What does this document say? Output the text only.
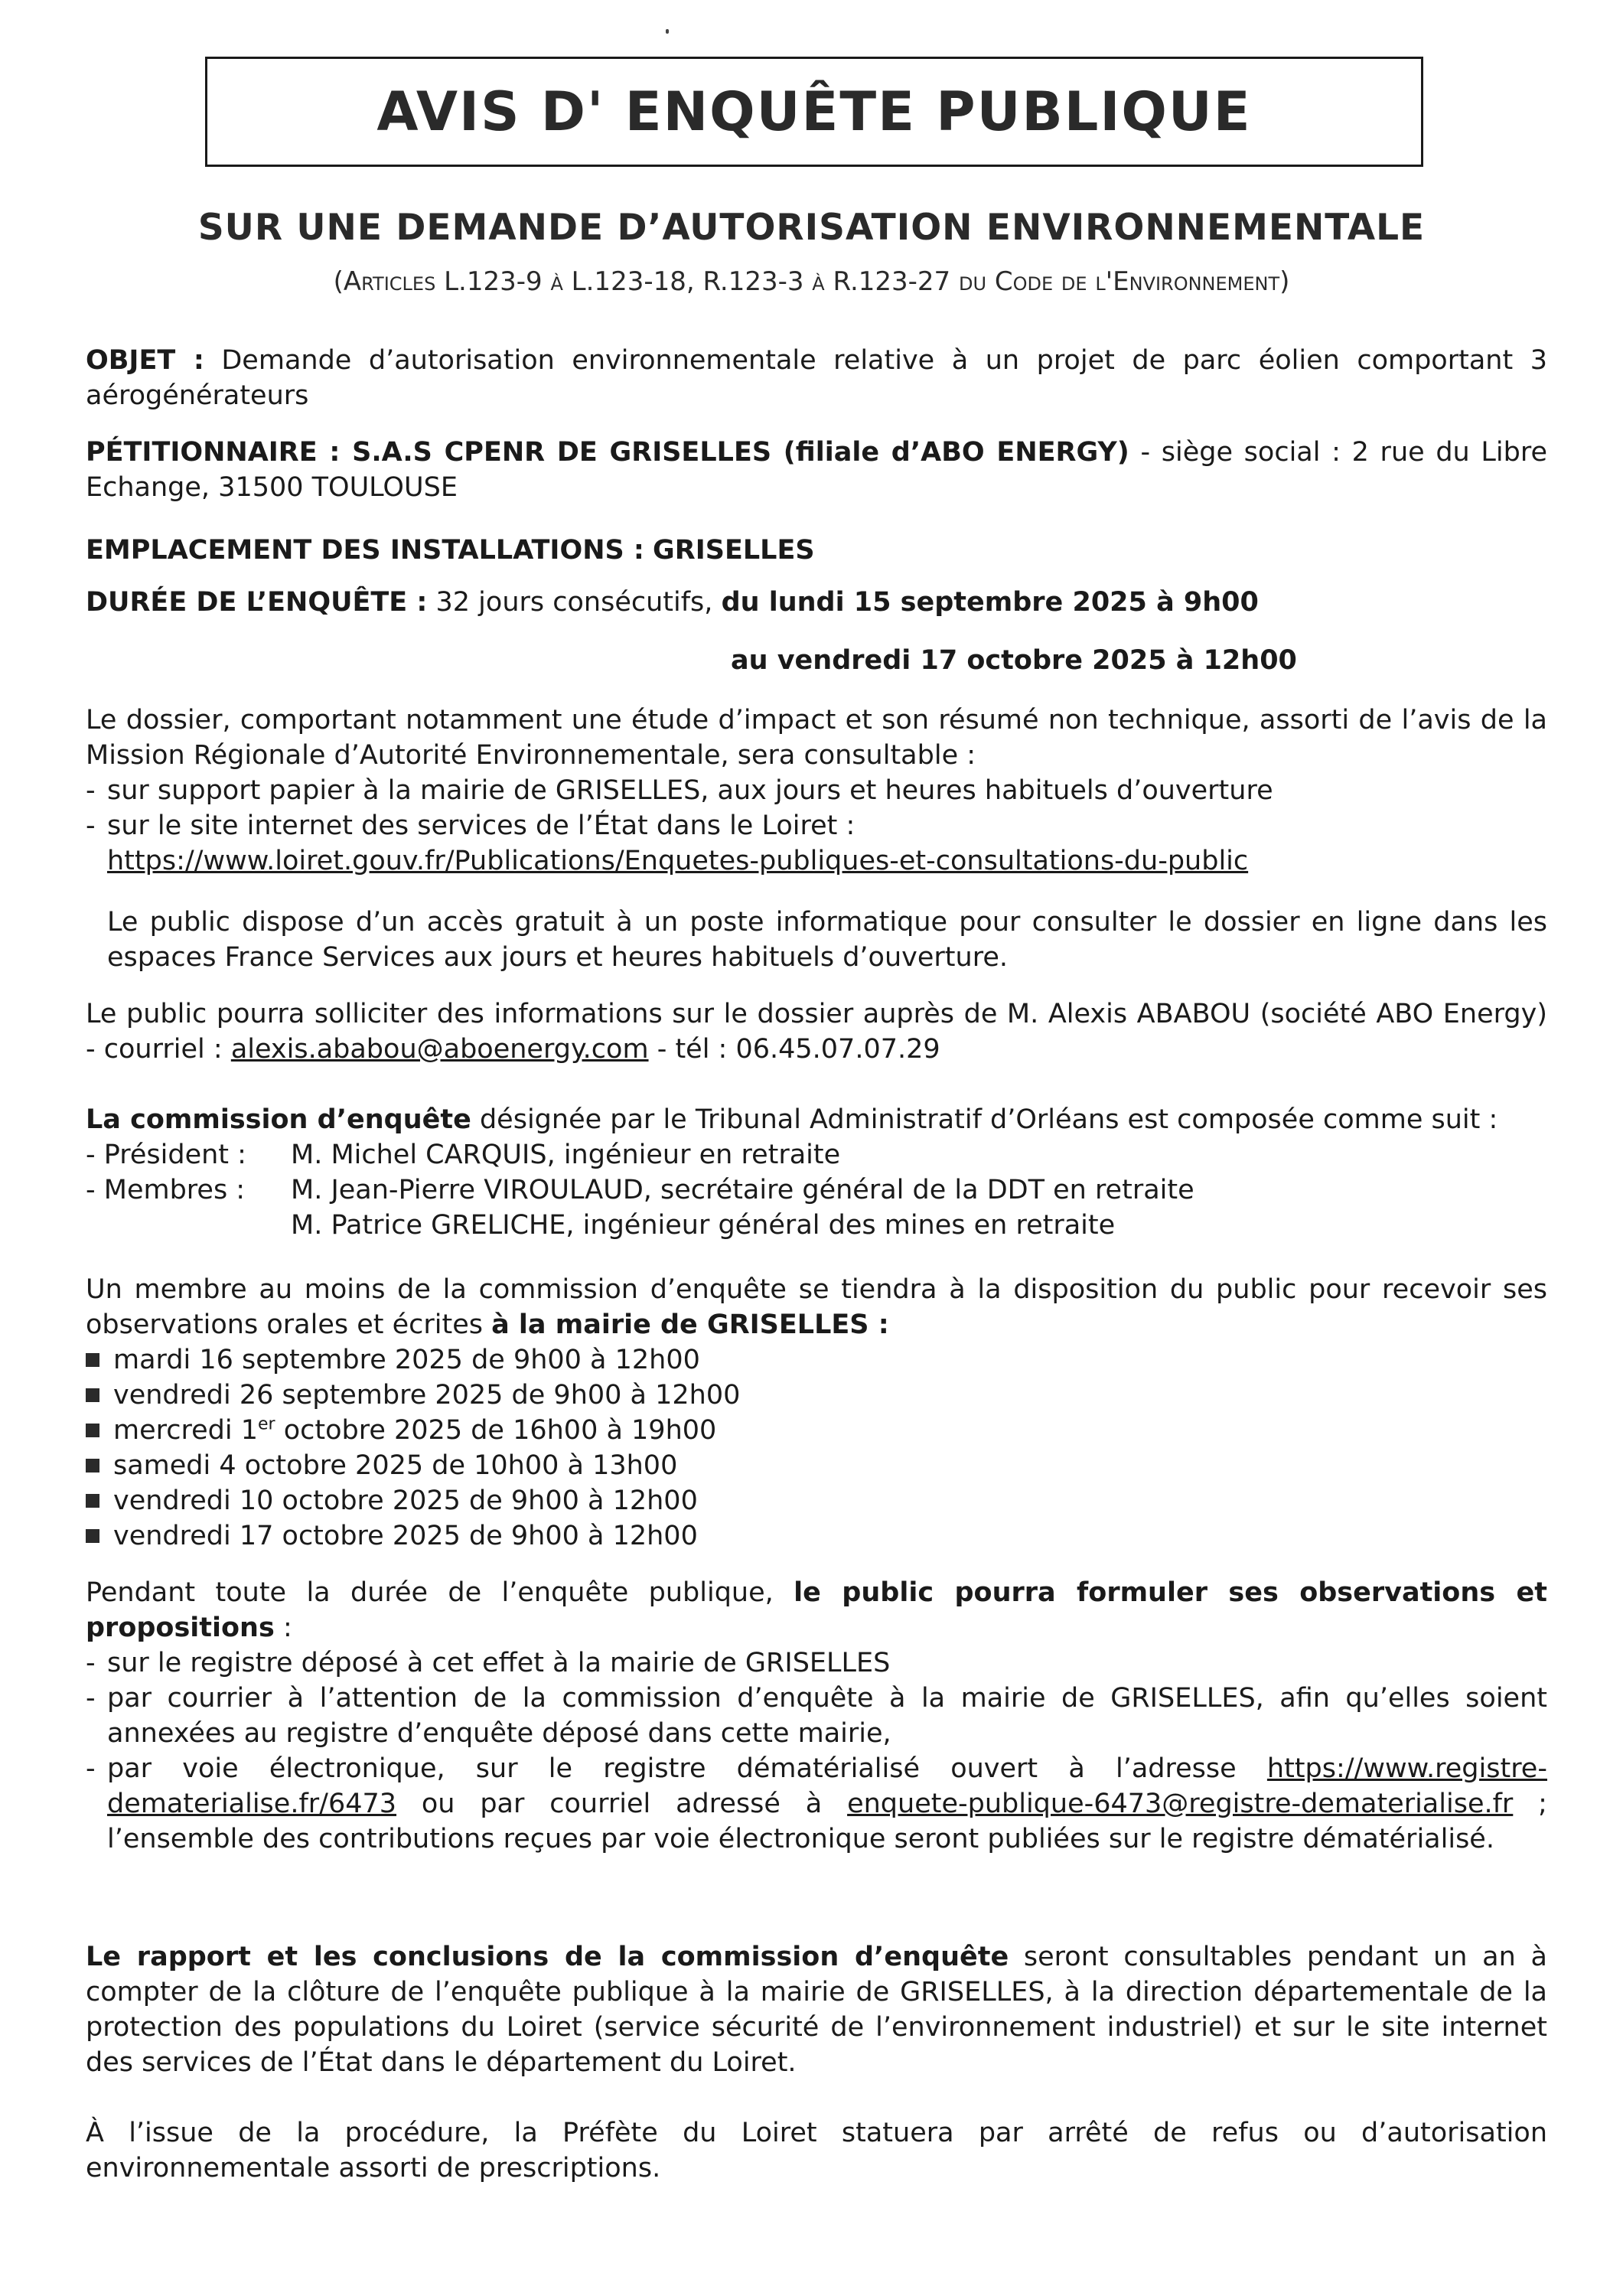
AVIS D' ENQUÊTE PUBLIQUE
SUR UNE DEMANDE D’AUTORISATION ENVIRONNEMENTALE
(Articles L.123-9 à L.123-18, R.123-3 à R.123-27 du Code de l'Environnement)
OBJET : Demande d’autorisation environnementale relative à un projet de parc éolien comportant 3 aérogénérateurs
PÉTITIONNAIRE : S.A.S CPENR DE GRISELLES (filiale d’ABO ENERGY) - siège social : 2 rue du Libre Echange, 31500 TOULOUSE
EMPLACEMENT DES INSTALLATIONS : GRISELLES
DURÉE DE L’ENQUÊTE : 32 jours consécutifs, du lundi 15 septembre 2025 à 9h00
au vendredi 17 octobre 2025 à 12h00
Le dossier, comportant notamment une étude d’impact et son résumé non technique, assorti de l’avis de la Mission Régionale d’Autorité Environnementale, sera consultable :
- sur support papier à la mairie de GRISELLES, aux jours et heures habituels d’ouverture
- sur le site internet des services de l’État dans le Loiret :
https://www.loiret.gouv.fr/Publications/Enquetes-publiques-et-consultations-du-public
Le public dispose d’un accès gratuit à un poste informatique pour consulter le dossier en ligne dans les espaces France Services aux jours et heures habituels d’ouverture.
Le public pourra solliciter des informations sur le dossier auprès de M. Alexis ABABOU (société ABO Energy) - courriel : alexis.ababou@aboenergy.com - tél : 06.45.07.07.29
La commission d’enquête désignée par le Tribunal Administratif d’Orléans est composée comme suit :
- Président :	M. Michel CARQUIS, ingénieur en retraite
- Membres :	M. Jean-Pierre VIROULAUD, secrétaire général de la DDT en retraite
M. Patrice GRELICHE, ingénieur général des mines en retraite
Un membre au moins de la commission d’enquête se tiendra à la disposition du public pour recevoir ses observations orales et écrites à la mairie de GRISELLES :
mardi 16 septembre 2025 de 9h00 à 12h00
vendredi 26 septembre 2025 de 9h00 à 12h00
mercredi 1er octobre 2025 de 16h00 à 19h00
samedi 4 octobre 2025 de 10h00 à 13h00
vendredi 10 octobre 2025 de 9h00 à 12h00
vendredi 17 octobre 2025 de 9h00 à 12h00
Pendant toute la durée de l’enquête publique, le public pourra formuler ses observations et propositions :
- sur le registre déposé à cet effet à la mairie de GRISELLES
- par courrier à l’attention de la commission d’enquête à la mairie de GRISELLES, afin qu’elles soient annexées au registre d’enquête déposé dans cette mairie,
- par voie électronique, sur le registre dématérialisé ouvert à l’adresse https://www.registre-dematerialise.fr/6473 ou par courriel adressé à enquete-publique-6473@registre-dematerialise.fr ; l’ensemble des contributions reçues par voie électronique seront publiées sur le registre dématérialisé.
Le rapport et les conclusions de la commission d’enquête seront consultables pendant un an à compter de la clôture de l’enquête publique à la mairie de GRISELLES, à la direction départementale de la protection des populations du Loiret (service sécurité de l’environnement industriel) et sur le site internet des services de l’État dans le département du Loiret.
À l’issue de la procédure, la Préfète du Loiret statuera par arrêté de refus ou d’autorisation environnementale assorti de prescriptions.
